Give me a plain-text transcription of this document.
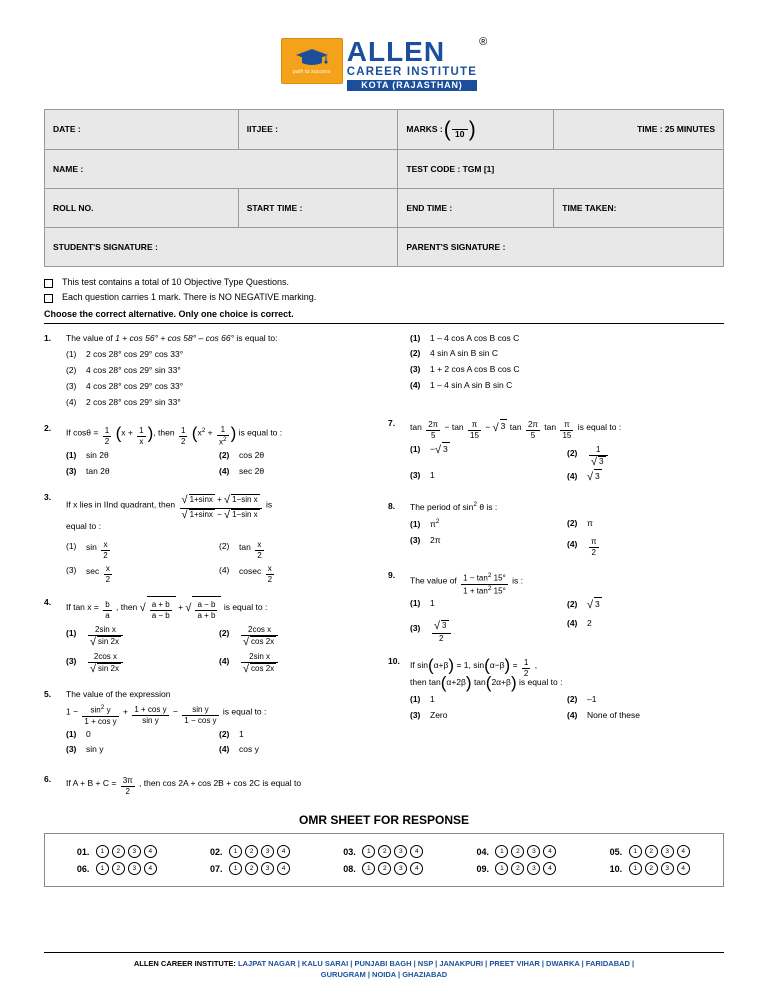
path to success
ALLEN
CAREER INSTITUTE
KOTA (RAJASTHAN)
®
DATE :	IITJEE :	MARKS : ( 10 )	TIME : 25 MINUTES
NAME :		TEST CODE : TGM [1]	
ROLL NO.	START TIME :	END TIME :	TIME TAKEN:
STUDENT'S SIGNATURE :		PARENT'S SIGNATURE :	
This test contains a total of 10 Objective Type Questions.
Each question carries 1 mark. There is NO NEGATIVE marking.
Choose the correct alternative. Only one choice is correct.
1.	The value of 1 + cos 56° + cos 58° – cos 66° is equal to:
(1)	2 cos 28° cos 29° cos 33°
(2)	4 cos 28° cos 29° sin 33°
(3)	4 cos 28° cos 29° cos 33°
(4)	2 cos 28° cos 29° sin 33°
2.	If $\cos\theta = \frac{1}{2} (x + \frac{1}{x}$ ), then $\frac{1}{2} (x^2 + \frac{1}{x^2}$ ) is equal to :
(1)	sin 2θ	(2)	cos 2θ
(3)	tan 2θ	(4)	sec 2θ
3.
If x lies in IInd quadrant, then $\frac{\text{√ 1+sinx + √ 1−sin x}}{\text{√ 1+sinx − √ 1−sin x}}$ is
equal to :
(1)	$\sin \frac{x}{2}$	(2)	$\tan \frac{x}{2}$
(3)	$\sec \frac{x}{2}$	(4)	cosec $\frac{x}{2}$
4.	If $\tan x = \frac{b}{a}$ , then √ $\frac{a + b}{a - b}$ + √ $\frac{a - b}{a + b}$ is equal to :
(1)	$\frac{\text{2sin x}}{√ \sin 2x}$	(2)	$\frac{\text{2cos x}}{√ \cos 2x}$
(3)	$\frac{\text{2cos x}}{√ \sin 2x}$	(4)	$\frac{\text{2sin x}}{√ \cos 2x}$
5.	The value of the expression
$1 - \frac{\sin^2 y}{\text{1 + cos y}} + \frac{\text{1 + cos y}}{\text{sin y}} - \frac{\text{sin y}}{\text{1 − cos y}}$ is equal to :
(1)	0	(2)	1
(3)	sin y	(4)	cos y
6.	If $A + B + C = \frac{3\pi}{2}$ , then cos 2A + cos 2B + cos 2C is equal to
(1)	1 – 4 cos A cos B cos C
(2)	4 sin A sin B sin C
(3)	1 + 2 cos A cos B cos C
(4)	1 – 4 sin A sin B sin C
7.	$\tan \frac{2\pi}{5} - \tan \frac{\pi}{15}$ − √ 3 $\tan \frac{2\pi}{5}$ $\tan \frac{\pi}{15}$ is equal to :
(1)	−√ 3	(2)	$\frac{1}{√ 3}$
(3)	1	(4) √ 3
8.	The period of $\sin^2 \theta$ is :
(1)	$\pi^2$	(2)	π
(3)	2π	(4)	$\frac{\pi}{2}$
9.
The value of $\frac{1 - \tan^2 15^\circ}{1 + \tan^2 15^\circ}$ is :
(1)	1	(2) √ 3
(3)	$\frac{√ 3}{2}$	(4)	2
10.	If sin(α+β) = 1, $\sin(\alpha-\beta) = \frac{1}{2}$ ,
then tan(α+2β) tan(2α+β) is equal to :
(1)	1	(2)	–1
(3)	Zero	(4)	None of these
OMR SHEET FOR RESPONSE
01.	1	2	3	4	02.	1	2	3	4	03.	1	2	3	4	04.	1	2	3	4	05.	1	2	3	4
06.	1	2	3	4	07.	1	2	3	4	08.	1	2	3	4	09.	1	2	3	4	10.	1	2	3	4
ALLEN CAREER INSTITUTE: LAJPAT NAGAR | KALU SARAI | PUNJABI BAGH | NSP | JANAKPURI | PREET VIHAR | DWARKA | FARIDABAD |
GURUGRAM | NOIDA | GHAZIABAD
